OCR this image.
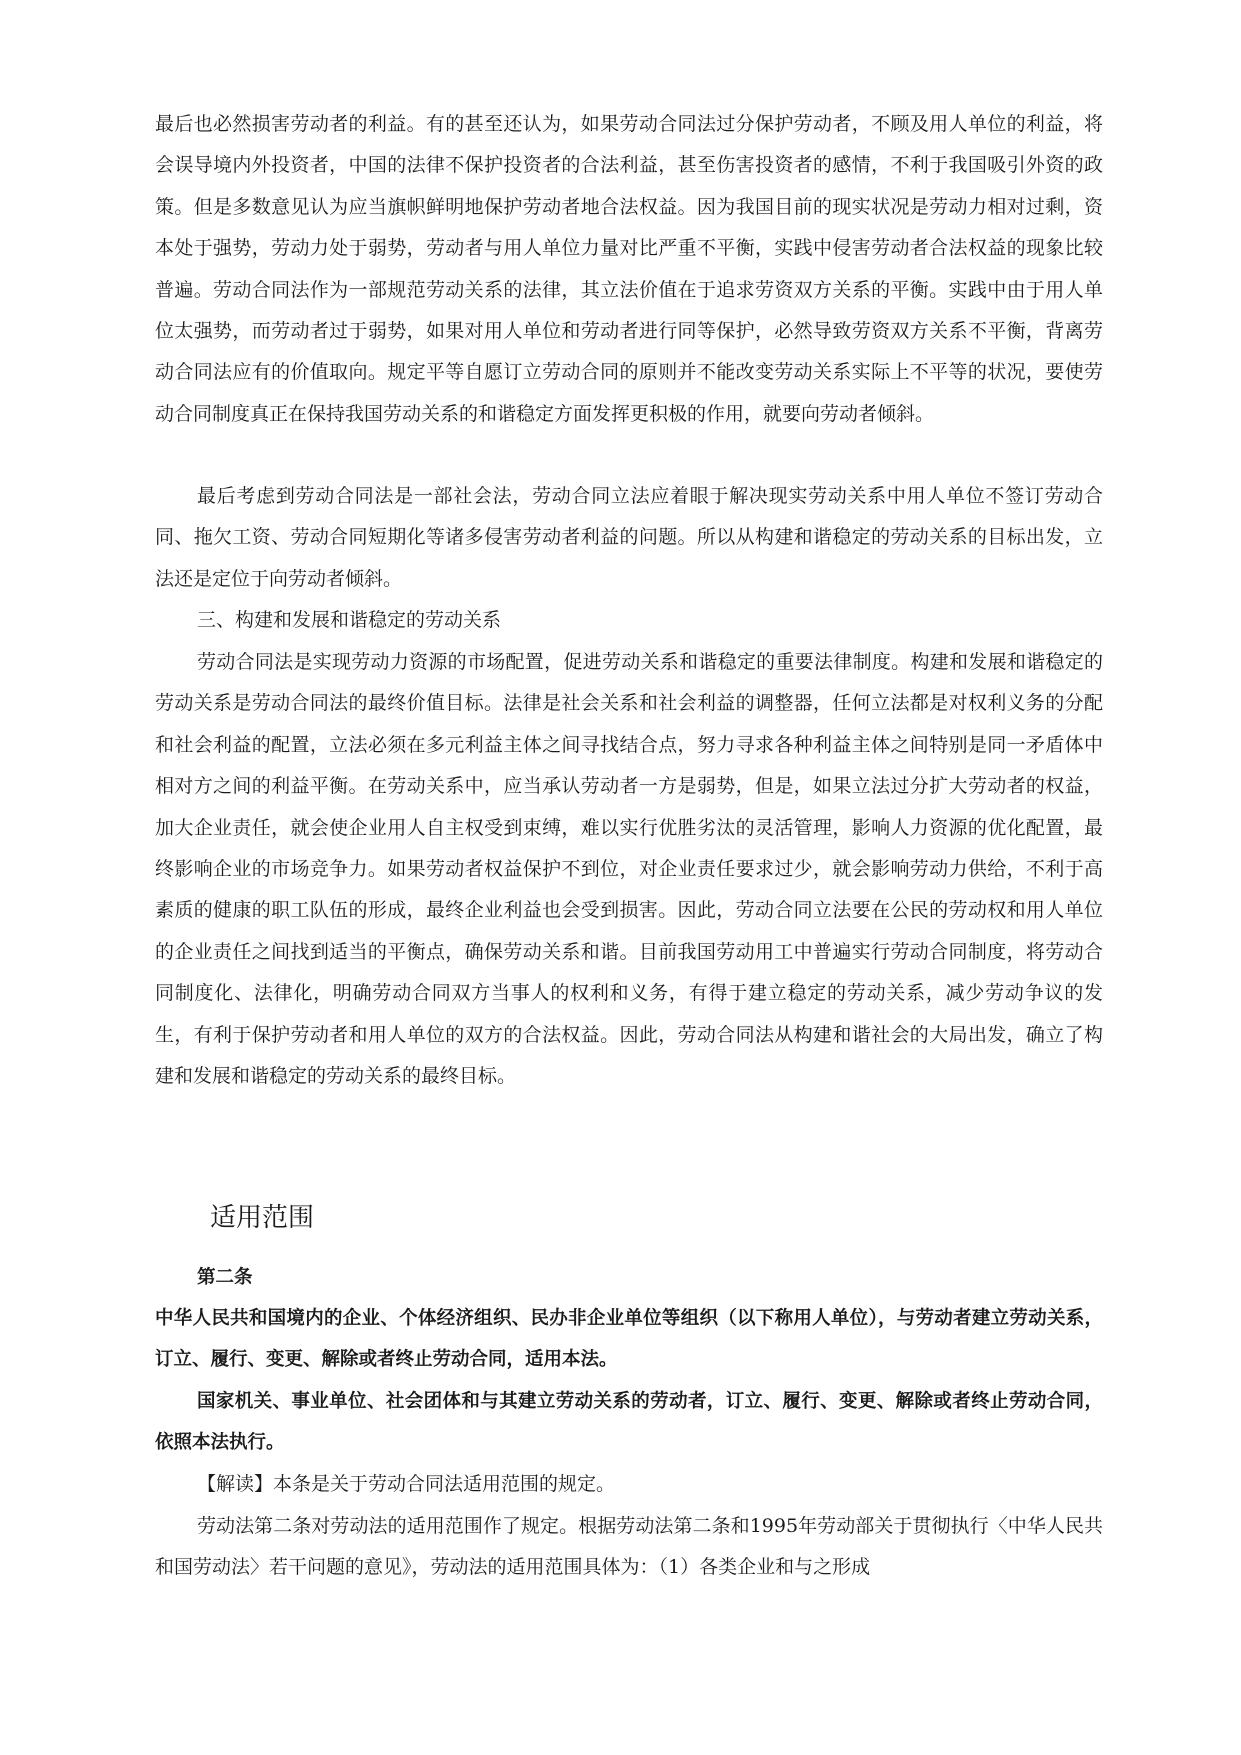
最后也必然损害劳动者的利益。有的甚至还认为，如果劳动合同法过分保护劳动者，不顾及用人单位的利益，将会误导境内外投资者，中国的法律不保护投资者的合法利益，甚至伤害投资者的感情，不利于我国吸引外资的政策。但是多数意见认为应当旗帜鲜明地保护劳动者地合法权益。因为我国目前的现实状况是劳动力相对过剩，资本处于强势，劳动力处于弱势，劳动者与用人单位力量对比严重不平衡，实践中侵害劳动者合法权益的现象比较普遍。劳动合同法作为一部规范劳动关系的法律，其立法价值在于追求劳资双方关系的平衡。实践中由于用人单位太强势，而劳动者过于弱势，如果对用人单位和劳动者进行同等保护，必然导致劳资双方关系不平衡，背离劳动合同法应有的价值取向。规定平等自愿订立劳动合同的原则并不能改变劳动关系实际上不平等的状况，要使劳动合同制度真正在保持我国劳动关系的和谐稳定方面发挥更积极的作用，就要向劳动者倾斜。

最后考虑到劳动合同法是一部社会法，劳动合同立法应着眼于解决现实劳动关系中用人单位不签订劳动合同、拖欠工资、劳动合同短期化等诸多侵害劳动者利益的问题。所以从构建和谐稳定的劳动关系的目标出发，立法还是定位于向劳动者倾斜。

三、构建和发展和谐稳定的劳动关系

劳动合同法是实现劳动力资源的市场配置，促进劳动关系和谐稳定的重要法律制度。构建和发展和谐稳定的劳动关系是劳动合同法的最终价值目标。法律是社会关系和社会利益的调整器，任何立法都是对权利义务的分配和社会利益的配置，立法必须在多元利益主体之间寻找结合点，努力寻求各种利益主体之间特别是同一矛盾体中相对方之间的利益平衡。在劳动关系中，应当承认劳动者一方是弱势，但是，如果立法过分扩大劳动者的权益，加大企业责任，就会使企业用人自主权受到束缚，难以实行优胜劣汰的灵活管理，影响人力资源的优化配置，最终影响企业的市场竞争力。如果劳动者权益保护不到位，对企业责任要求过少，就会影响劳动力供给，不利于高素质的健康的职工队伍的形成，最终企业利益也会受到损害。因此，劳动合同立法要在公民的劳动权和用人单位的企业责任之间找到适当的平衡点，确保劳动关系和谐。目前我国劳动用工中普遍实行劳动合同制度，将劳动合同制度化、法律化，明确劳动合同双方当事人的权利和义务，有得于建立稳定的劳动关系，减少劳动争议的发生，有利于保护劳动者和用人单位的双方的合法权益。因此，劳动合同法从构建和谐社会的大局出发，确立了构建和发展和谐稳定的劳动关系的最终目标。

适用范围

第二条

中华人民共和国境内的企业、个体经济组织、民办非企业单位等组织（以下称用人单位），与劳动者建立劳动关系，订立、履行、变更、解除或者终止劳动合同，适用本法。

国家机关、事业单位、社会团体和与其建立劳动关系的劳动者，订立、履行、变更、解除或者终止劳动合同，依照本法执行。

【解读】本条是关于劳动合同法适用范围的规定。

劳动法第二条对劳动法的适用范围作了规定。根据劳动法第二条和1995年劳动部关于贯彻执行〈中华人民共和国劳动法〉若干问题的意见》，劳动法的适用范围具体为：（1）各类企业和与之形成
